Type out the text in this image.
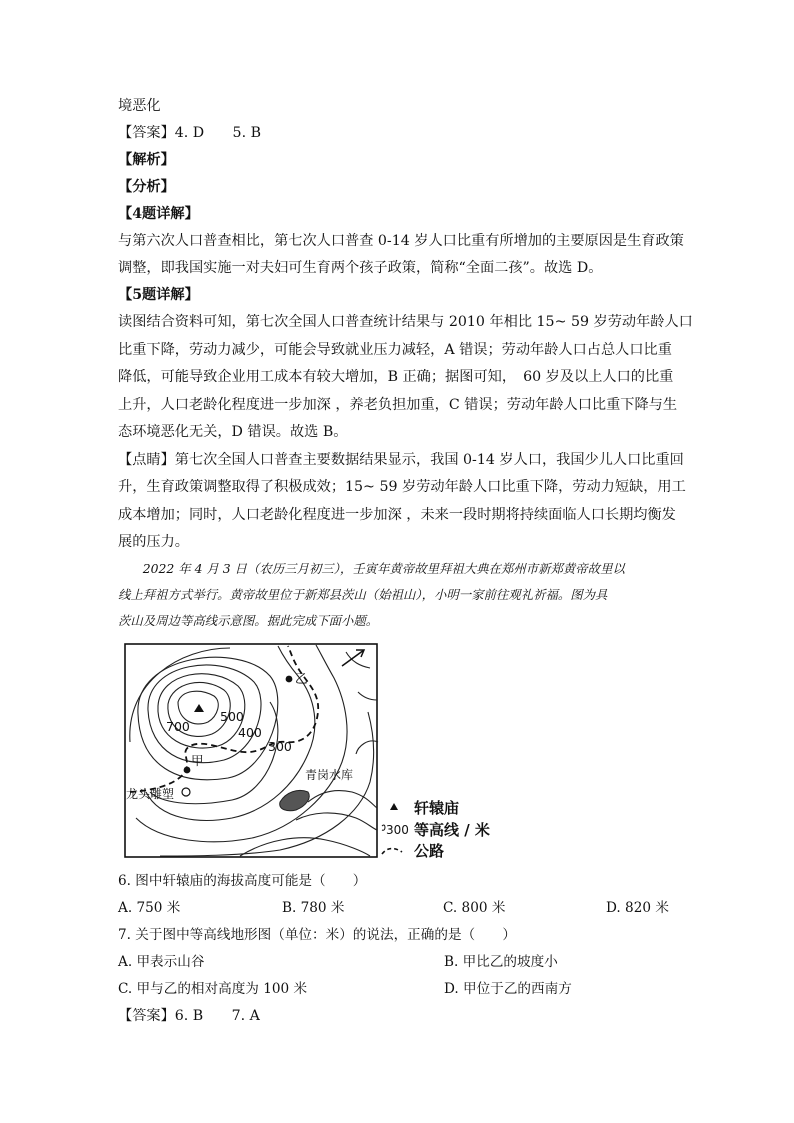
境恶化
【答案】4. D　　5. B
【解析】
【分析】
【4题详解】
与第六次人口普查相比，第七次人口普查 0-14 岁人口比重有所增加的主要原因是生育政策
调整，即我国实施一对夫妇可生育两个孩子政策，简称“全面二孩”。故选 D。
【5题详解】
读图结合资料可知，第七次全国人口普查统计结果与 2010 年相比 15~ 59 岁劳动年龄人口
比重下降，劳动力减少，可能会导致就业压力减轻，A 错误；劳动年龄人口占总人口比重
降低，可能导致企业用工成本有较大增加，B 正确；据图可知，　60 岁及以上人口的比重
上升，人口老龄化程度进一步加深 ，养老负担加重，C 错误；劳动年龄人口比重下降与生
态环境恶化无关，D 错误。故选 B。
【点睛】第七次全国人口普查主要数据结果显示，我国 0-14 岁人口，我国少儿人口比重回
升，生育政策调整取得了积极成效；15~ 59 岁劳动年龄人口比重下降，劳动力短缺，用工
成本增加；同时，人口老龄化程度进一步加深 ，未来一段时期将持续面临人口长期均衡发
展的压力。
　　2022 年 4 月 3 日（农历三月初三），壬寅年黄帝故里拜祖大典在郑州市新郑黄帝故里以
线上拜祖方式举行。黄帝故里位于新郑县茨山（始祖山），小明一家前往观礼祈福。图为具
茨山及周边等高线示意图。据此完成下面小题。
700
500
400
300
甲
乙
青岗水库
龙头雕塑
轩辕庙
300 等高线 / 米
公路
6. 图中轩辕庙的海拔高度可能是（　　）
A. 750 米	B. 780 米	C. 800 米	D. 820 米
7. 关于图中等高线地形图（单位：米）的说法，正确的是（　　）
A. 甲表示山谷	B. 甲比乙的坡度小
C. 甲与乙的相对高度为 100 米	D. 甲位于乙的西南方
【答案】6. B　　7. A
